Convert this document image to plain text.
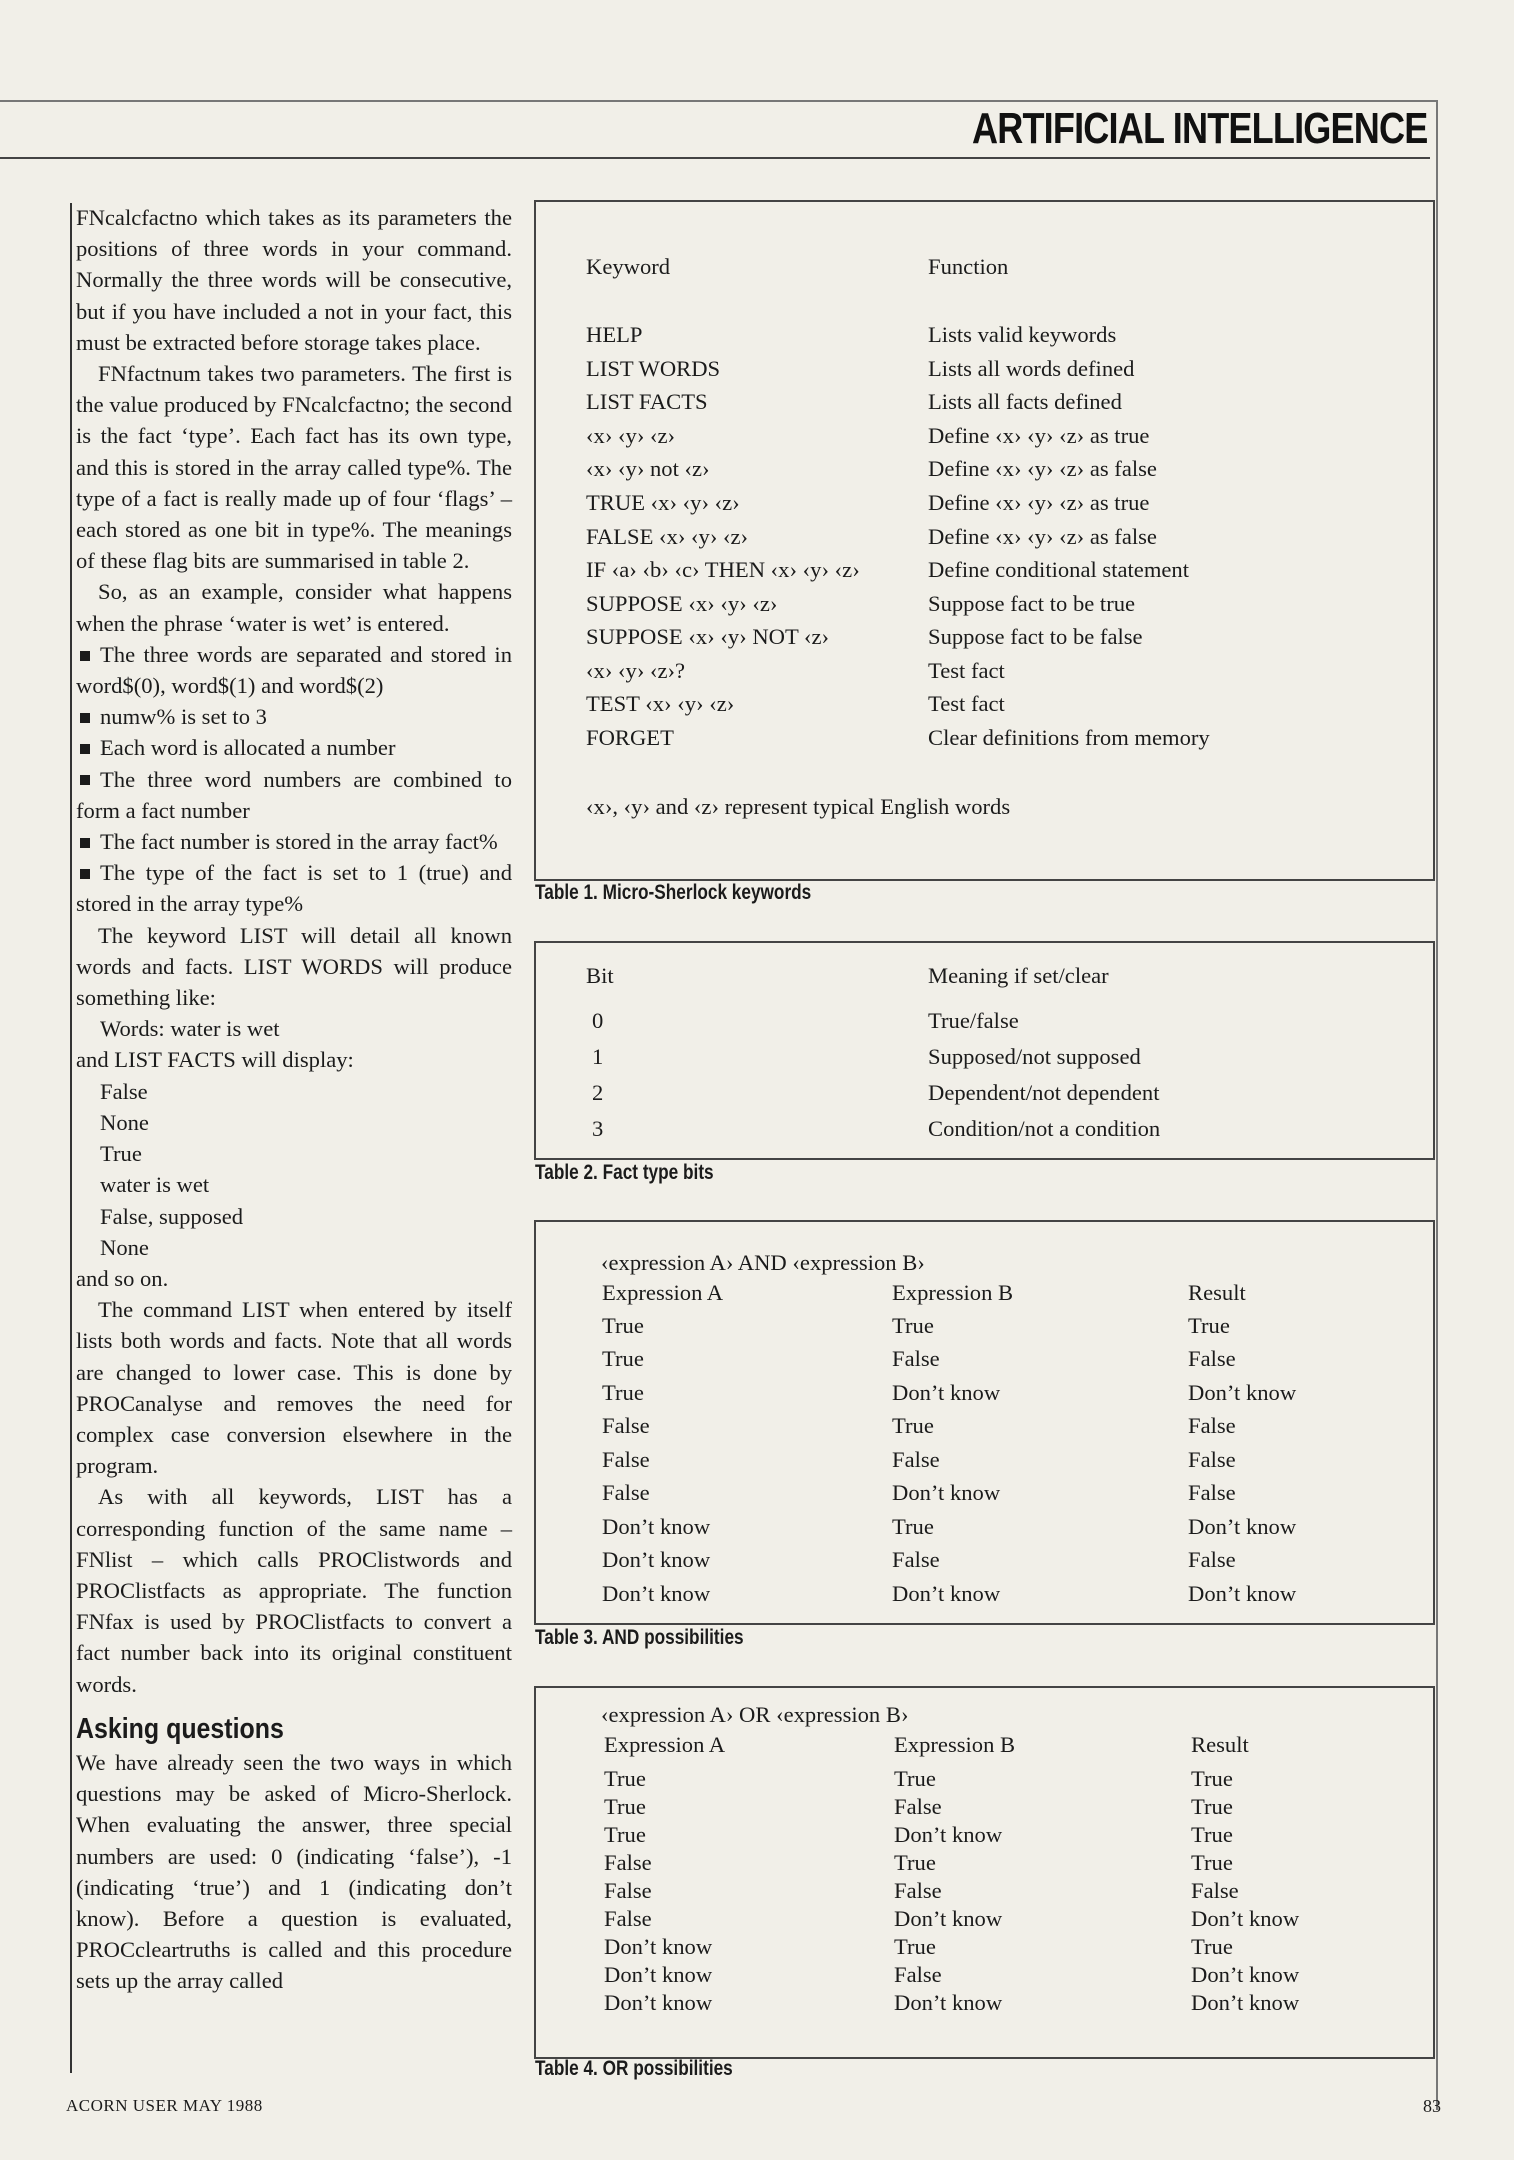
ARTIFICIAL INTELLIGENCE

FNcalcfactno which takes as its parameters the positions of three words in your command. Normally the three words will be consecutive, but if you have included a not in your fact, this must be extracted before storage takes place.

FNfactnum takes two parameters. The first is the value produced by FNcalcfactno; the second is the fact ‘type’. Each fact has its own type, and this is stored in the array called type%. The type of a fact is really made up of four ‘flags’ – each stored as one bit in type%. The meanings of these flag bits are summarised in table 2.

So, as an example, consider what happens when the phrase ‘water is wet’ is entered.

The three words are separated and stored in word$(0), word$(1) and word$(2)

numw% is set to 3

Each word is allocated a number

The three word numbers are combined to form a fact number

The fact number is stored in the array fact%

The type of the fact is set to 1 (true) and stored in the array type%

The keyword LIST will detail all known words and facts. LIST WORDS will produce something like:

Words: water is wet

and LIST FACTS will display:

False

None

True

water is wet

False, supposed

None

and so on.

The command LIST when entered by itself lists both words and facts. Note that all words are changed to lower case. This is done by PROCanalyse and removes the need for complex case conversion elsewhere in the program.

As with all keywords, LIST has a corresponding function of the same name – FNlist – which calls PROClistwords and PROClistfacts as appropriate. The function FNfax is used by PROClistfacts to convert a fact number back into its original constituent words.

Asking questions

We have already seen the two ways in which questions may be asked of Micro-Sherlock. When evaluating the answer, three special numbers are used: 0 (indicating ‘false’), -1 (indicating ‘true’) and 1 (indicating don’t know). Before a question is evaluated, PROCcleartruths is called and this procedure sets up the array called

Keyword	Function
HELP	Lists valid keywords
LIST WORDS	Lists all words defined
LIST FACTS	Lists all facts defined
‹x› ‹y› ‹z›	Define ‹x› ‹y› ‹z› as true
‹x› ‹y› not ‹z›	Define ‹x› ‹y› ‹z› as false
TRUE ‹x› ‹y› ‹z›	Define ‹x› ‹y› ‹z› as true
FALSE ‹x› ‹y› ‹z›	Define ‹x› ‹y› ‹z› as false
IF ‹a› ‹b› ‹c› THEN ‹x› ‹y› ‹z›	Define conditional statement
SUPPOSE ‹x› ‹y› ‹z›	Suppose fact to be true
SUPPOSE ‹x› ‹y› NOT ‹z›	Suppose fact to be false
‹x› ‹y› ‹z›?	Test fact
TEST ‹x› ‹y› ‹z›	Test fact
FORGET	Clear definitions from memory
‹x›, ‹y› and ‹z› represent typical English words
Table 1. Micro-Sherlock keywords
Bit	Meaning if set/clear
0	True/false
1	Supposed/not supposed
2	Dependent/not dependent
3	Condition/not a condition
Table 2. Fact type bits
‹expression A› AND ‹expression B›
Expression A	Expression B	Result
True	True	True
True	False	False
True	Don’t know	Don’t know
False	True	False
False	False	False
False	Don’t know	False
Don’t know	True	Don’t know
Don’t know	False	False
Don’t know	Don’t know	Don’t know
Table 3. AND possibilities
‹expression A› OR ‹expression B›
Expression A	Expression B	Result
True	True	True
True	False	True
True	Don’t know	True
False	True	True
False	False	False
False	Don’t know	Don’t know
Don’t know	True	True
Don’t know	False	Don’t know
Don’t know	Don’t know	Don’t know
Table 4. OR possibilities
ACORN USER MAY 1988	83
